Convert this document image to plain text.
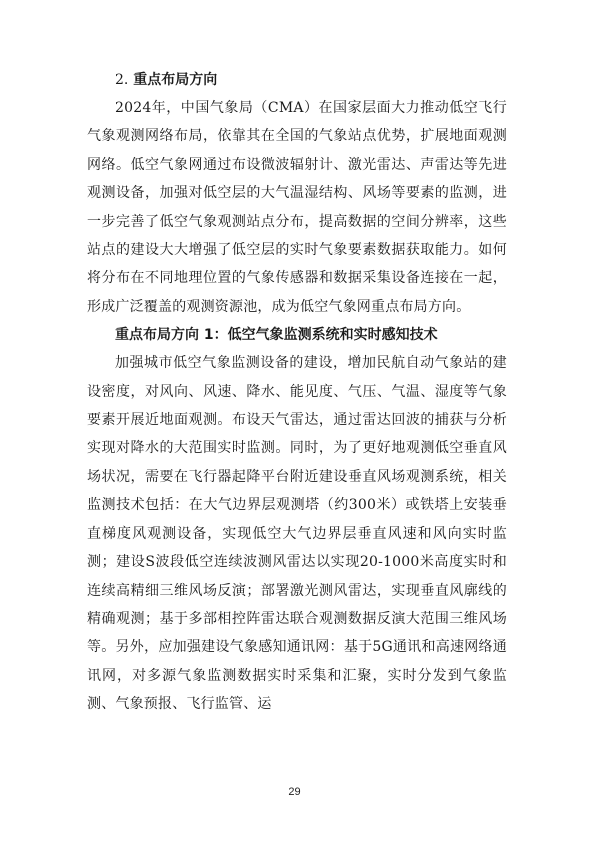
2. 重点布局方向

2024年，中国气象局（CMA）在国家层面大力推动低空飞行气象观测网络布局，依靠其在全国的气象站点优势，扩展地面观测网络。低空气象网通过布设微波辐射计、激光雷达、声雷达等先进观测设备，加强对低空层的大气温湿结构、风场等要素的监测，进一步完善了低空气象观测站点分布，提高数据的空间分辨率，这些站点的建设大大增强了低空层的实时气象要素数据获取能力。如何将分布在不同地理位置的气象传感器和数据采集设备连接在一起，形成广泛覆盖的观测资源池，成为低空气象网重点布局方向。

重点布局方向 1：低空气象监测系统和实时感知技术

加强城市低空气象监测设备的建设，增加民航自动气象站的建设密度，对风向、风速、降水、能见度、气压、气温、湿度等气象要素开展近地面观测。布设天气雷达，通过雷达回波的捕获与分析实现对降水的大范围实时监测。同时，为了更好地观测低空垂直风场状况，需要在飞行器起降平台附近建设垂直风场观测系统，相关监测技术包括：在大气边界层观测塔（约300米）或铁塔上安装垂直梯度风观测设备，实现低空大气边界层垂直风速和风向实时监测；建设S波段低空连续波测风雷达以实现20-1000米高度实时和连续高精细三维风场反演；部署激光测风雷达，实现垂直风廓线的精确观测；基于多部相控阵雷达联合观测数据反演大范围三维风场等。另外，应加强建设气象感知通讯网：基于5G通讯和高速网络通讯网，对多源气象监测数据实时采集和汇聚，实时分发到气象监测、气象预报、飞行监管、运

29
